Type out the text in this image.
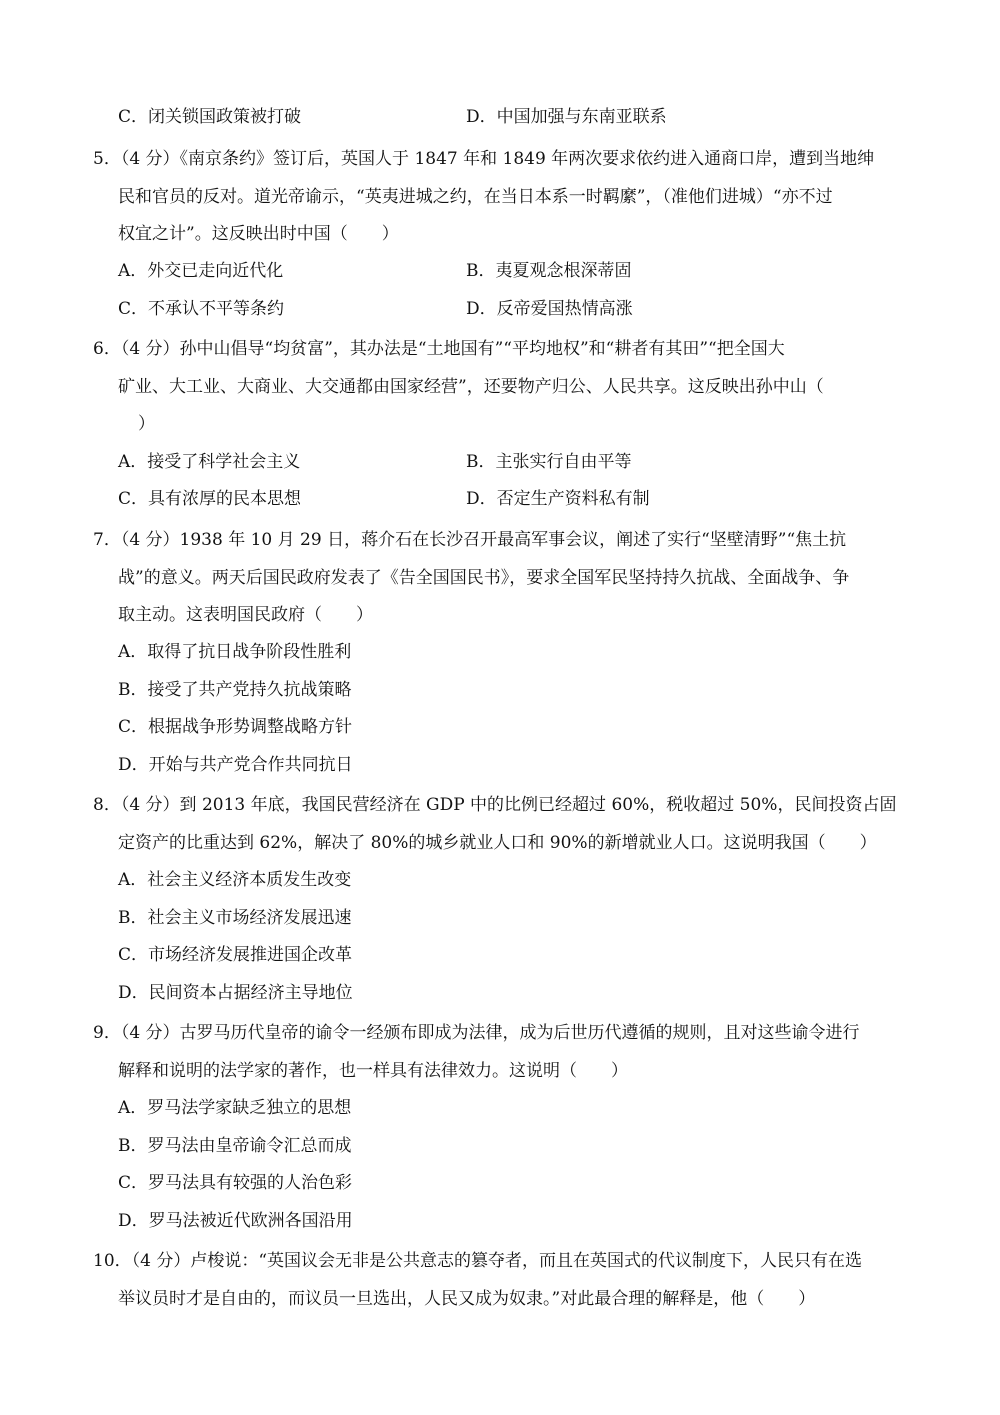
C．闭关锁国政策被打破	D．中国加强与东南亚联系
5．（4 分）《南京条约》签订后，英国人于 1847 年和 1849 年两次要求依约进入通商口岸，遭到当地绅
民和官员的反对。道光帝谕示，“英夷进城之约，在当日本系一时羁縻”，（准他们进城）“亦不过
权宜之计”。这反映出时中国（　　）
A．外交已走向近代化	B．夷夏观念根深蒂固
C．不承认不平等条约	D．反帝爱国热情高涨
6．（4 分）孙中山倡导“均贫富”，其办法是“土地国有”“平均地权”和“耕者有其田”“把全国大
矿业、大工业、大商业、大交通都由国家经营”，还要物产归公、人民共享。这反映出孙中山（
）
A．接受了科学社会主义	B．主张实行自由平等
C．具有浓厚的民本思想	D．否定生产资料私有制
7．（4 分）1938 年 10 月 29 日，蒋介石在长沙召开最高军事会议，阐述了实行“坚壁清野”“焦土抗
战”的意义。两天后国民政府发表了《告全国国民书》，要求全国军民坚持持久抗战、全面战争、争
取主动。这表明国民政府（　　）
A．取得了抗日战争阶段性胜利
B．接受了共产党持久抗战策略
C．根据战争形势调整战略方针
D．开始与共产党合作共同抗日
8．（4 分）到 2013 年底，我国民营经济在 GDP 中的比例已经超过 60%，税收超过 50%，民间投资占固
定资产的比重达到 62%，解决了 80%的城乡就业人口和 90%的新增就业人口。这说明我国（　　）
A．社会主义经济本质发生改变
B．社会主义市场经济发展迅速
C．市场经济发展推进国企改革
D．民间资本占据经济主导地位
9．（4 分）古罗马历代皇帝的谕令一经颁布即成为法律，成为后世历代遵循的规则，且对这些谕令进行
解释和说明的法学家的著作，也一样具有法律效力。这说明（　　）
A．罗马法学家缺乏独立的思想
B．罗马法由皇帝谕令汇总而成
C．罗马法具有较强的人治色彩
D．罗马法被近代欧洲各国沿用
10．（4 分）卢梭说：“英国议会无非是公共意志的篡夺者，而且在英国式的代议制度下，人民只有在选
举议员时才是自由的，而议员一旦选出，人民又成为奴隶。”对此最合理的解释是，他（　　）
